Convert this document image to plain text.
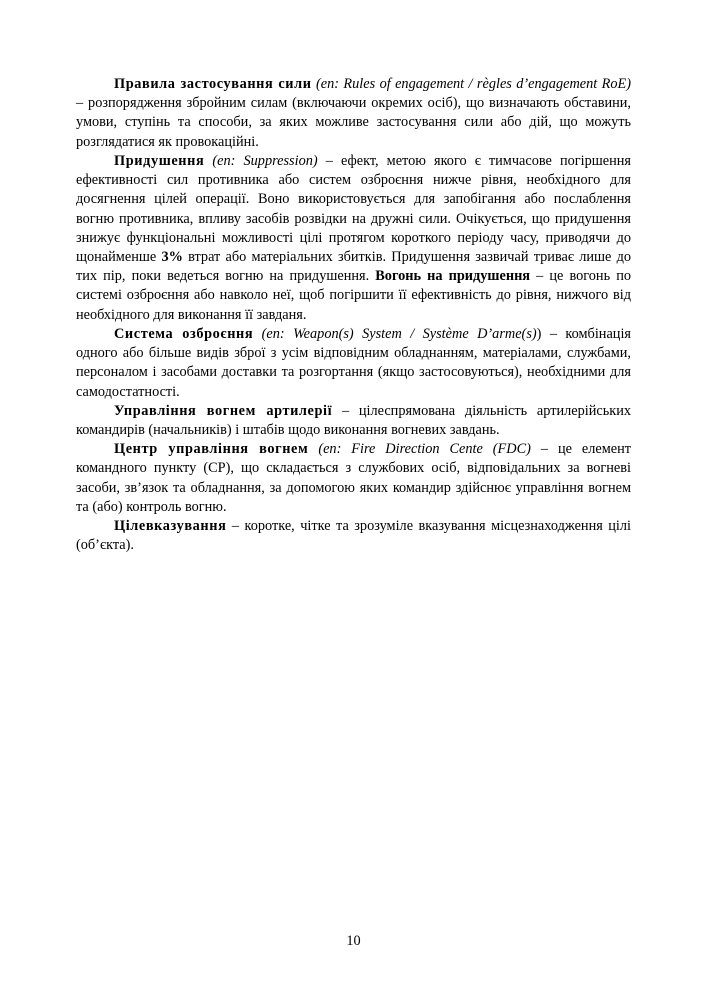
Правила застосування сили (en: Rules of engagement / règles d’engagement RoE) – розпорядження збройним силам (включаючи окремих осіб), що визначають обставини, умови, ступінь та способи, за яких можливе застосування сили або дій, що можуть розглядатися як провокаційні.

Придушення (en: Suppression) – ефект, метою якого є тимчасове погіршення ефективності сил противника або систем озброєння нижче рівня, необхідного для досягнення цілей операції. Воно використовується для запобігання або послаблення вогню противника, впливу засобів розвідки на дружні сили. Очікується, що придушення знижує функціональні можливості цілі протягом короткого періоду часу, приводячи до щонайменше 3% втрат або матеріальних збитків. Придушення зазвичай триває лише до тих пір, поки ведеться вогню на придушення. Вогонь на придушення – це вогонь по системі озброєння або навколо неї, щоб погіршити її ефективність до рівня, нижчого від необхідного для виконання її завданя.

Система озброєння (en: Weapon(s) System / Système D’arme(s)) – комбінація одного або більше видів зброї з усім відповідним обладнанням, матеріалами, службами, персоналом і засобами доставки та розгортання (якщо застосовуються), необхідними для самодостатності.

Управління вогнем артилерії – цілеспрямована діяльність артилерійських командирів (начальників) і штабів щодо виконання вогневих завдань.

Центр управління вогнем (en: Fire Direction Cente (FDC) – це елемент командного пункту (СР), що складається з службових осіб, відповідальних за вогневі засоби, зв’язок та обладнання, за допомогою яких командир здійснює управління вогнем та (або) контроль вогню.

Цілевказування – коротке, чітке та зрозуміле вказування місцезнаходження цілі (об’єкта).

10
